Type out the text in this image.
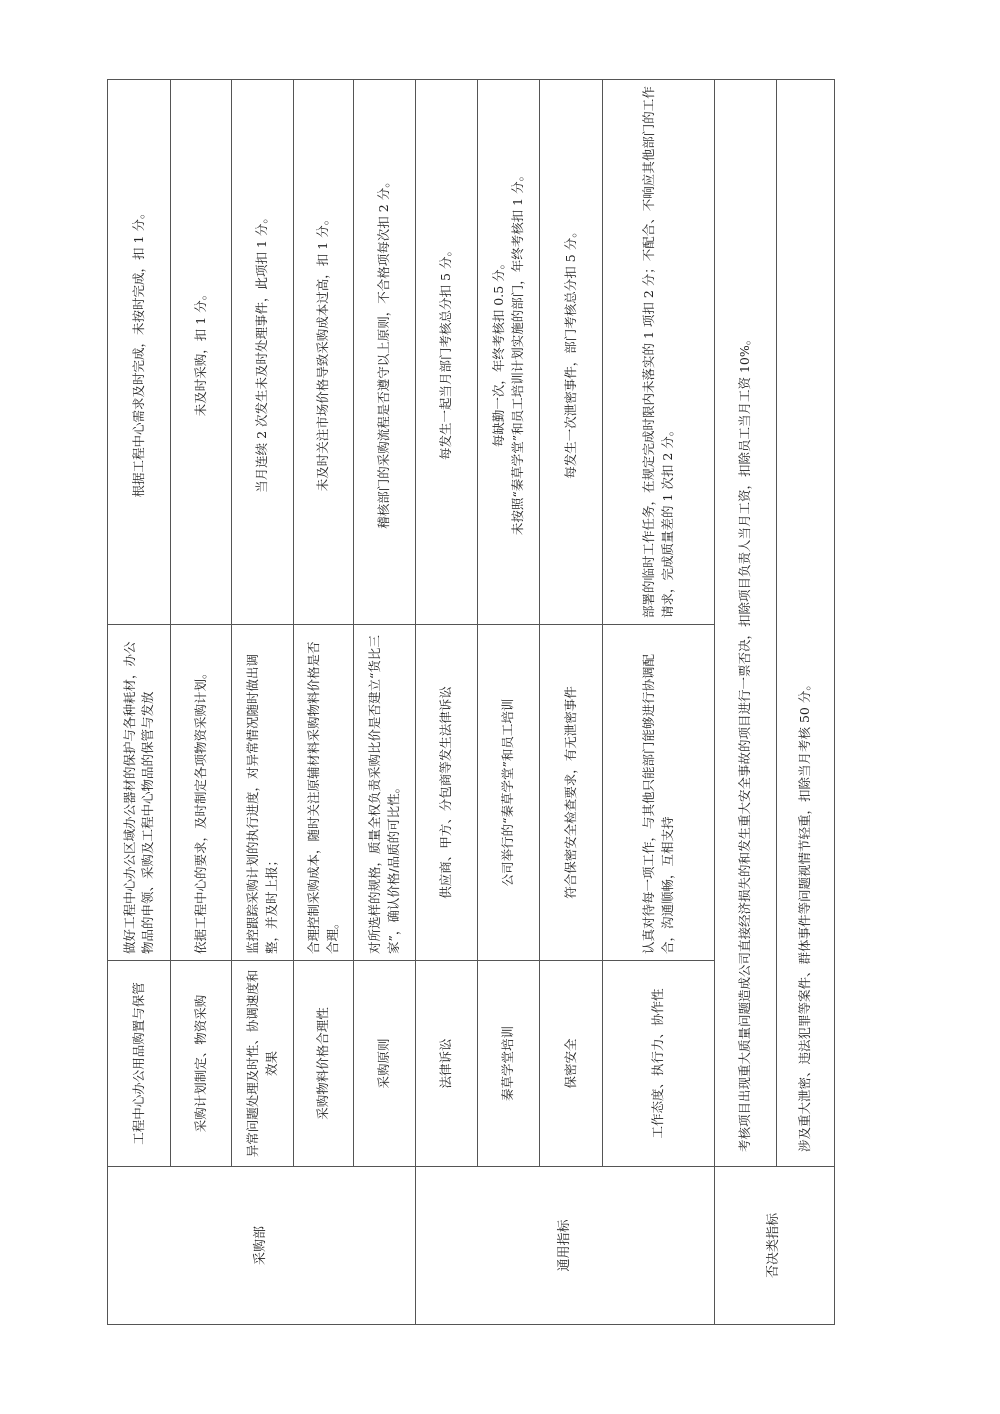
采购部	工程中心办公用品购置与保管	做好工程中心办公区域办公器材的保护与各种耗材，办公物品的申领、采购及工程中心物品的保管与发放	根据工程中心需求及时完成，未按时完成，扣 1 分。
	采购计划制定、物资采购	依据工程中心的要求，及时制定各项物资采购计划。	未及时采购，扣 1 分。
	异常问题处理及时性、协调速度和效果	监控跟踪采购计划的执行进度，对异常情况随时做出调整，并及时上报；	当月连续 2 次发生未及时处理事件，此项扣 1 分。
	采购物料价格合理性	合理控制采购成本，随时关注原辅材料采购物料价格是否合理。	未及时关注市场价格导致采购成本过高，扣 1 分。
	采购原则	对所选样的规格，质量全权负责采购比价是否建立“货比三家”，确认价格/品质的可比性。	稽核部门的采购流程是否遵守以上原则，不合格项每次扣 2 分。
通用指标	法律诉讼	供应商、甲方、分包商等发生法律诉讼	每发生一起当月部门考核总分扣 5 分。
	秦草学堂培训	公司举行的“秦草学堂”和员工培训	每缺勤一次，年终考核扣 0.5 分。 未按照“秦草学堂”和员工培训计划实施的部门，年终考核扣 1 分。

	保密安全	符合保密安全检查要求，有无泄密事件	每发生一次泄密事件，部门考核总分扣 5 分。
	工作态度、执行力、协作性	认真对待每一项工作，与其他只能部门能够进行协调配合，沟通顺畅，互相支持	部署的临时工作任务，在规定完成时限内未落实的 1 项扣 2 分；不配合、不响应其他部门的工作请求，完成质量差的 1 次扣 2 分。
否决类指标	考核项目出现重大质量问题造成公司直接经济损失的和发生重大安全事故的项目进行一票否决，扣除项目负责人当月工资，扣除员工当月工资 10%。		
	涉及重大泄密、违法犯罪等案件、群体事件等问题视情节轻重，扣除当月考核 50 分。		
